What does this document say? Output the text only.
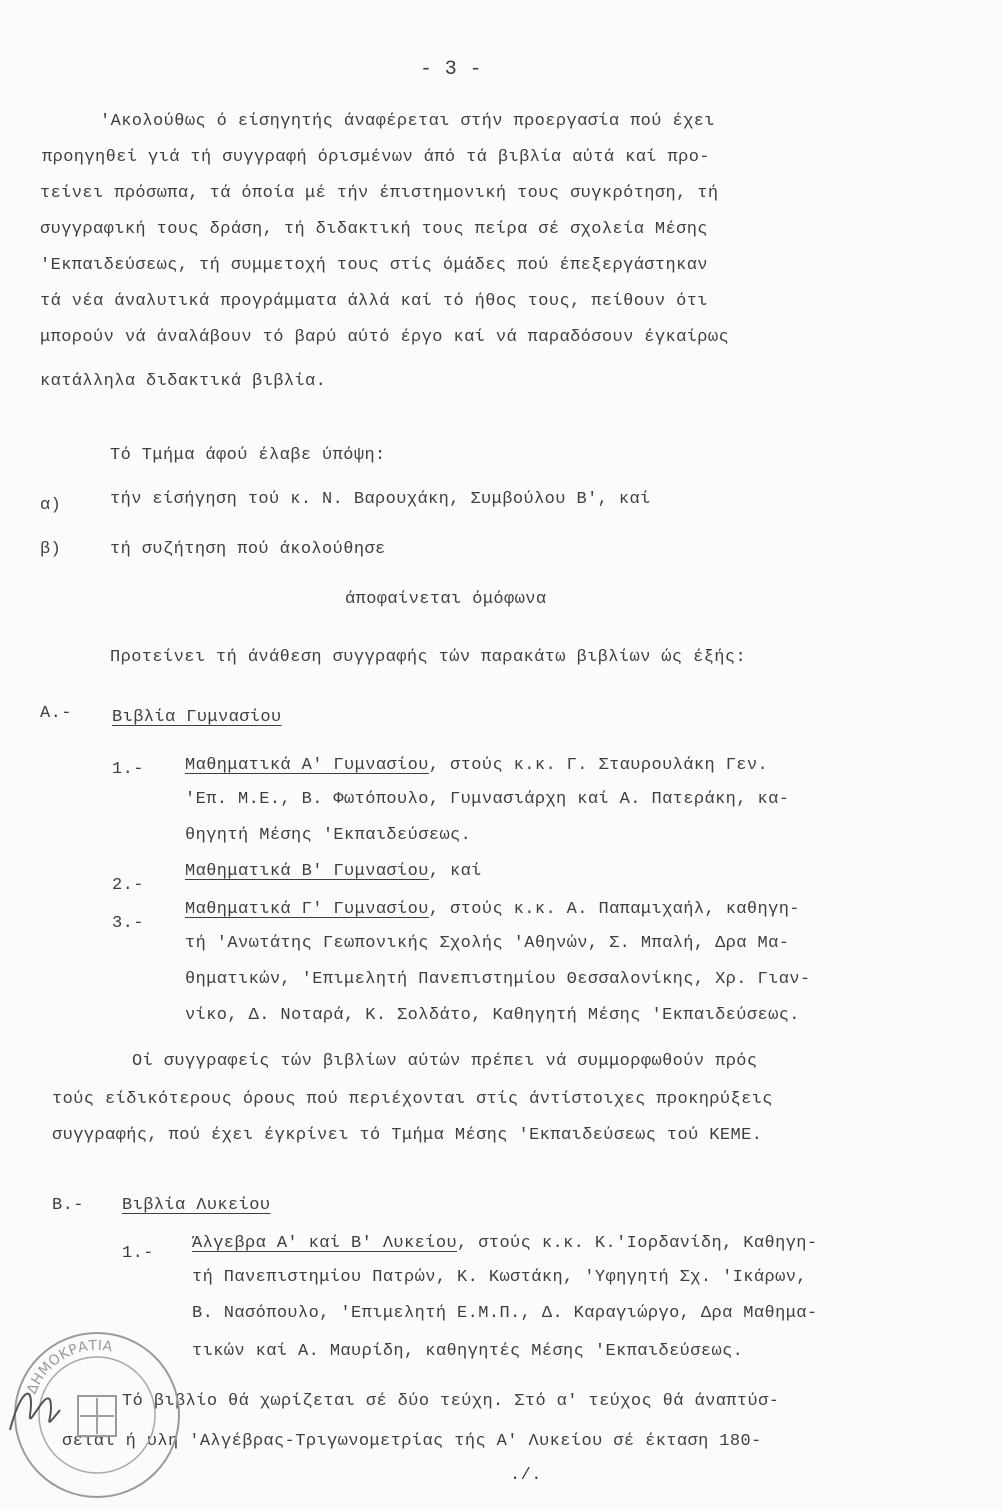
- 3 -
'Ακολούθως ό είσηγητής άναφέρεται στήν προεργασία πού έχει
προηγηθεί γιά τή συγγραφή όρισμένων άπό τά βιβλία αύτά καί προ-
τείνει πρόσωπα, τά όποία μέ τήν έπιστημονική τους συγκρότηση, τή
συγγραφική τους δράση, τή διδακτική τους πείρα σέ σχολεία Μέσης
'Εκπαιδεύσεως, τή συμμετοχή τους στίς όμάδες πού έπεξεργάστηκαν
τά νέα άναλυτικά προγράμματα άλλά καί τό ήθος τους, πείθουν ότι
μπορούν νά άναλάβουν τό βαρύ αύτό έργο καί νά παραδόσουν έγκαίρως
κατάλληλα διδακτικά βιβλία.
Τό Τμήμα άφού έλαβε ύπόψη:
α)	τήν είσήγηση τού κ. Ν. Βαρουχάκη, Συμβούλου Β', καί
β)	τή συζήτηση πού άκολούθησε
άποφαίνεται όμόφωνα
Προτείνει τή άνάθεση συγγραφής τών παρακάτω βιβλίων ώς έξής:
Α.- Βιβλία Γυμνασίου
1.- Μαθηματικά Α' Γυμνασίου, στούς κ.κ. Γ. Σταυρουλάκη Γεν.
'Επ. Μ.Ε., Β. Φωτόπουλο, Γυμνασιάρχη καί Α. Πατεράκη, κα-
θηγητή Μέσης 'Εκπαιδεύσεως.
2.-
Μαθηματικά Β' Γυμνασίου, καί
3.-
Μαθηματικά Γ' Γυμνασίου, στούς κ.κ. Α. Παπαμιχαήλ, καθηγη-
τή 'Ανωτάτης Γεωπονικής Σχολής 'Αθηνών, Σ. Μπαλή, Δρα Μα-
θηματικών, 'Επιμελητή Πανεπιστημίου Θεσσαλονίκης, Χρ. Γιαν-
νίκο, Δ. Νοταρά, Κ. Σολδάτο, Καθηγητή Μέσης 'Εκπαιδεύσεως.
Οί συγγραφείς τών βιβλίων αύτών πρέπει νά συμμορφωθούν πρός
τούς είδικότερους όρους πού περιέχονται στίς άντίστοιχες προκηρύξεις
συγγραφής, πού έχει έγκρίνει τό Τμήμα Μέσης 'Εκπαιδεύσεως τού ΚΕΜΕ.
Β.- Βιβλία Λυκείου
1.-
Άλγεβρα Α' καί Β' Λυκείου, στούς κ.κ. Κ.'Ιορδανίδη, Καθηγη-
τή Πανεπιστημίου Πατρών, Κ. Κωστάκη, 'Υφηγητή Σχ. 'Ικάρων,
Β. Νασόπουλο, 'Επιμελητή Ε.Μ.Π., Δ. Καραγιώργο, Δρα Μαθημα-
τικών καί Α. Μαυρίδη, καθηγητές Μέσης 'Εκπαιδεύσεως.
Τό βιβλίο θά χωρίζεται σέ δύο τεύχη. Στό α' τεύχος θά άναπτύσ-
σεται ή ύλη 'Αλγέβρας-Τριγωνομετρίας τής Α' Λυκείου σέ έκταση 180-
./.
ΔΗΜΟΚΡΑΤΙΑ
